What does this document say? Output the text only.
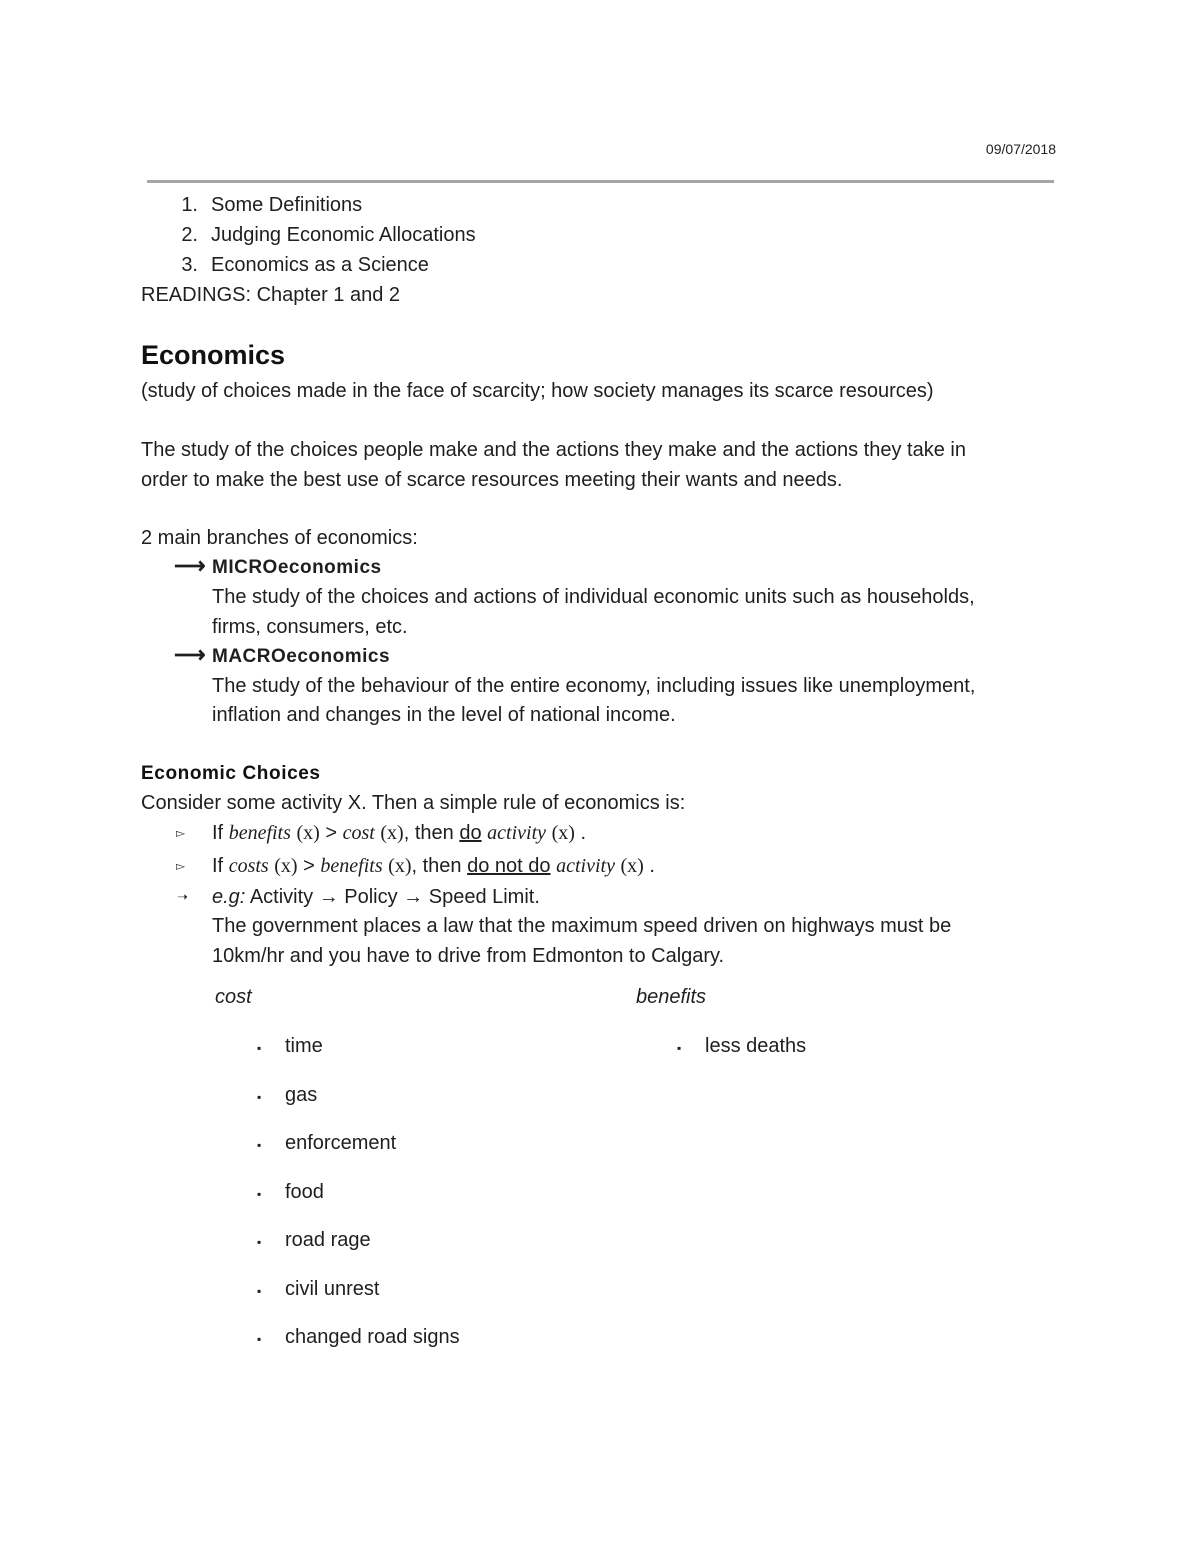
09/07/2018
1. Some Definitions
2. Judging Economic Allocations
3. Economics as a Science
READINGS: Chapter 1 and 2
Economics
(study of choices made in the face of scarcity; how society manages its scarce resources)
The study of the choices people make and the actions they make and the actions they take in
order to make the best use of scarce resources meeting their wants and needs.
2 main branches of economics:
⟶ MICROeconomics
The study of the choices and actions of individual economic units such as households,
firms, consumers, etc.
⟶ MACROeconomics
The study of the behaviour of the entire economy, including issues like unemployment,
inflation and changes in the level of national income.
Economic Choices
Consider some activity X. Then a simple rule of economics is:
▻ If benefits (x) > cost (x), then do activity (x) .
▻ If costs (x) > benefits (x), then do not do activity (x) .
➝ e.g: Activity → Policy → Speed Limit.
The government places a law that the maximum speed driven on highways must be
10km/hr and you have to drive from Edmonton to Calgary.
cost	benefits
▪ time
▪ gas
▪ enforcement
▪ food
▪ road rage
▪ civil unrest
▪ changed road signs
▪ less deaths
